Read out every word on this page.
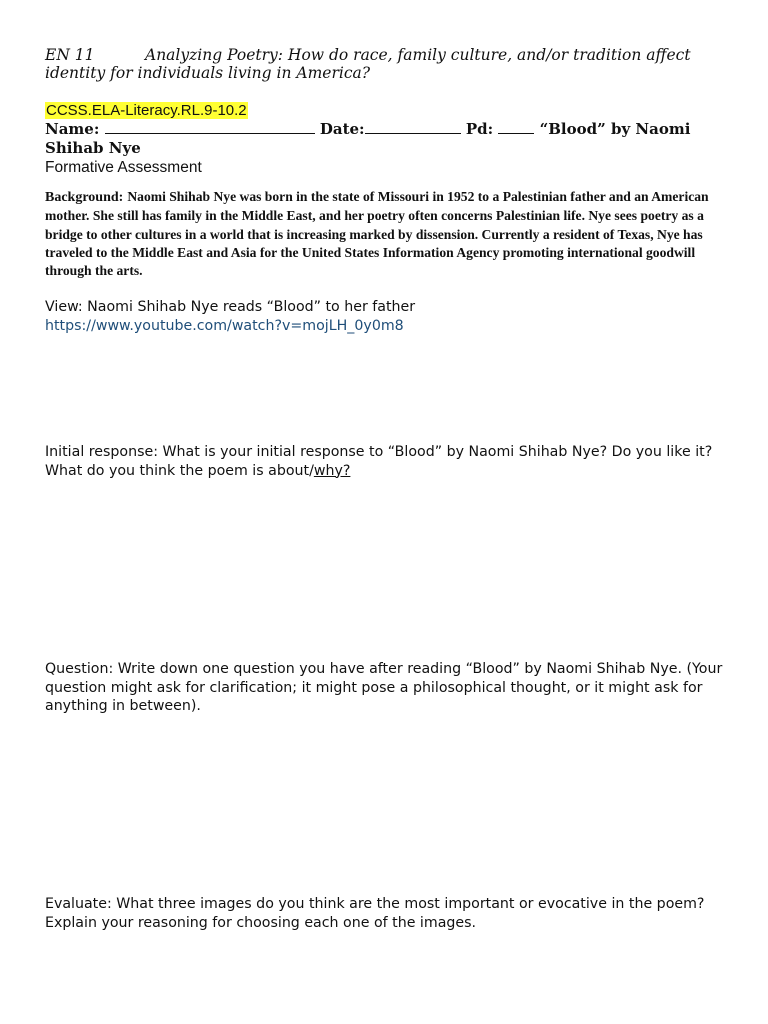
EN 11	Analyzing Poetry: How do race, family culture, and/or tradition affect identity for individuals living in America?

CCSS.ELA-Literacy.RL.9-10.2

Name:	Date:	Pd:	“Blood” by Naomi Shihab Nye

Formative Assessment

Background: Naomi Shihab Nye was born in the state of Missouri in 1952 to a Palestinian father and an American mother. She still has family in the Middle East, and her poetry often concerns Palestinian life. Nye sees poetry as a bridge to other cultures in a world that is increasing marked by dissension. Currently a resident of Texas, Nye has traveled to the Middle East and Asia for the United States Information Agency promoting international goodwill through the arts.

View: Naomi Shihab Nye reads “Blood” to her father

https://www.youtube.com/watch?v=mojLH_0y0m8

Initial response: What is your initial response to “Blood” by Naomi Shihab Nye? Do you like it? What do you think the poem is about/why?

Question: Write down one question you have after reading “Blood” by Naomi Shihab Nye. (Your question might ask for clarification; it might pose a philosophical thought, or it might ask for anything in between).

Evaluate: What three images do you think are the most important or evocative in the poem? Explain your reasoning for choosing each one of the images.
